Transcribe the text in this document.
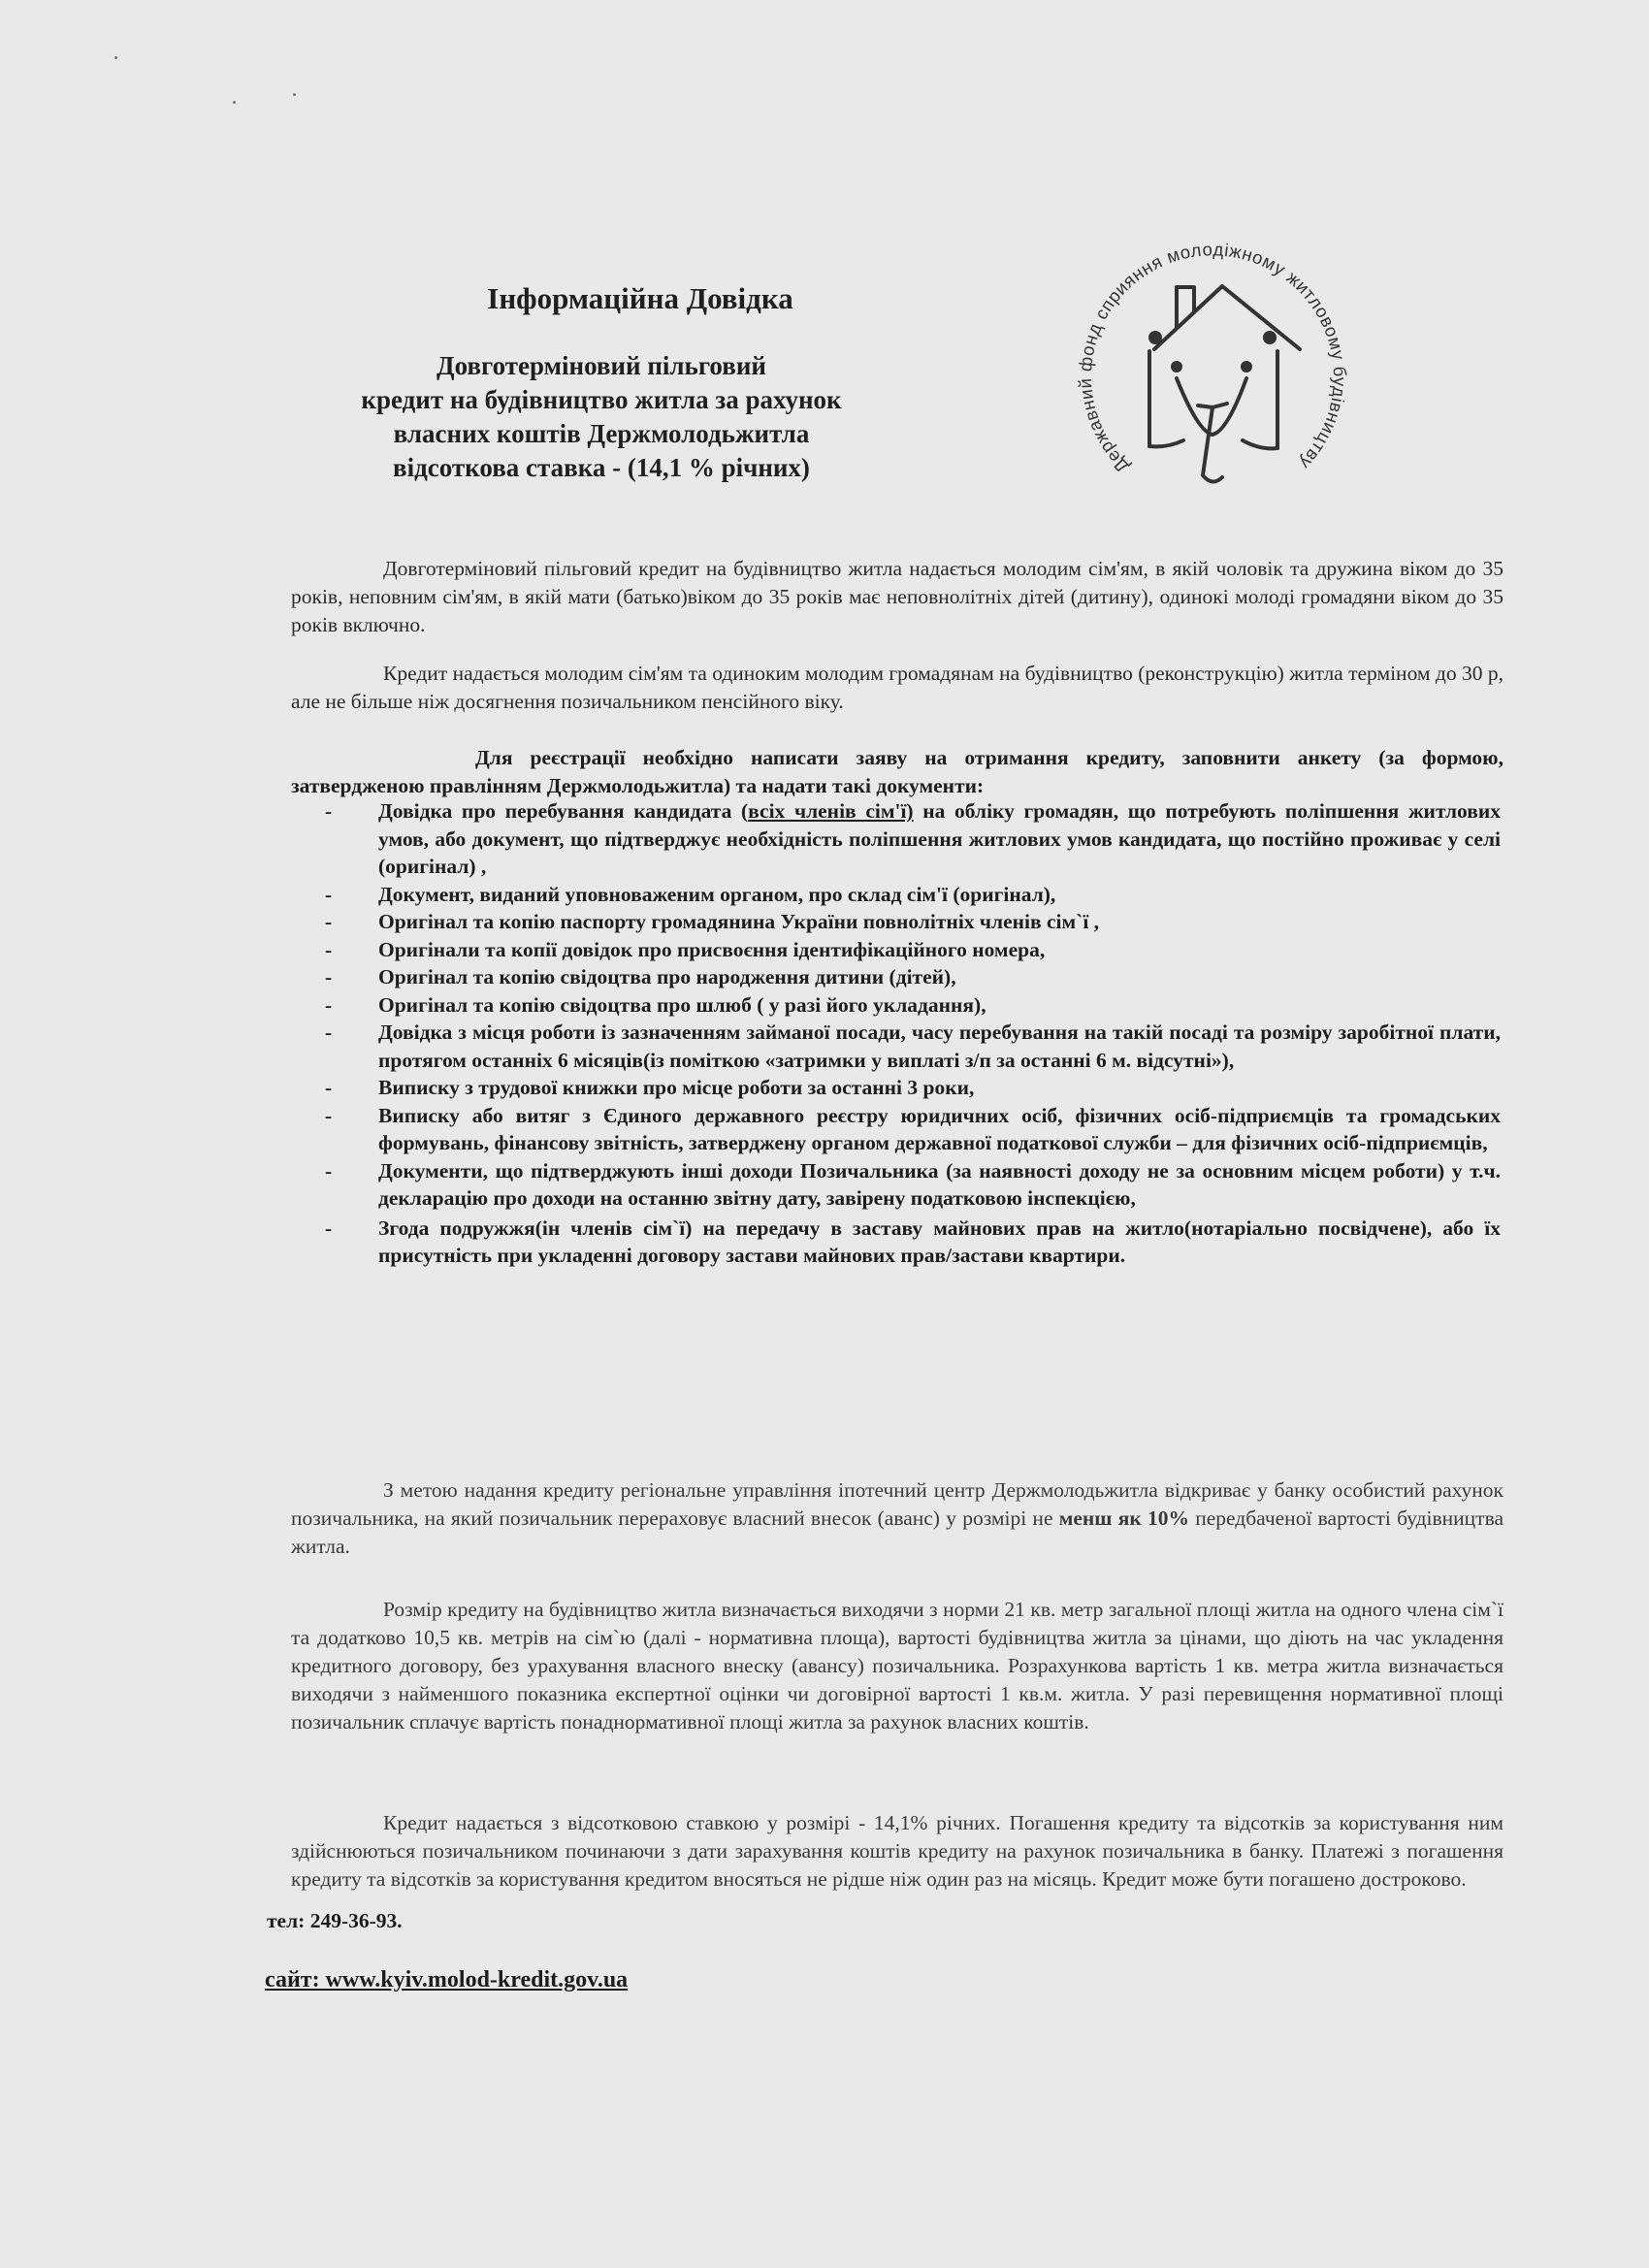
Інформаційна Довідка
Довготерміновий пільговий
кредит на будівництво житла за рахунок
власних коштів Держмолодьжитла
відсоткова ставка - (14,1 % річних)	Державний фонд сприяння молодіжному житловому будівництву

Довготерміновий пільговий кредит на будівництво житла надається молодим сім'ям, в якій чоловік та дружина віком до 35 років, неповним сім'ям, в якій мати (батько)віком до 35 років має неповнолітніх дітей (дитину), одинокі молоді громадяни віком до 35 років включно.

Кредит надається молодим сім'ям та одиноким молодим громадянам на будівництво (реконструкцію) житла терміном до 30 р, але не більше ніж досягнення позичальником пенсійного віку.

Для реєстрації необхідно написати заяву на отримання кредиту, заповнити анкету (за формою, затвердженою правлінням Держмолодьжитла) та надати такі документи:

- Довідка про перебування кандидата (всіх членів сім'ї) на обліку громадян, що потребують поліпшення житлових умов, або документ, що підтверджує необхідність поліпшення житлових умов кандидата, що постійно проживає у селі (оригінал) ,
- Документ, виданий уповноваженим органом, про склад сім'ї (оригінал),
- Оригінал та копію паспорту громадянина України повнолітніх членів сім`ї ,
- Оригінали та копії довідок про присвоєння ідентифікаційного номера,
- Оригінал та копію свідоцтва про народження дитини (дітей),
- Оригінал та копію свідоцтва про шлюб ( у разі його укладання),
- Довідка з місця роботи із зазначенням займаної посади, часу перебування на такій посаді та розміру заробітної плати, протягом останніх 6 місяців(із поміткою «затримки у виплаті з/п за останні 6 м. відсутні»),
- Виписку з трудової книжки про місце роботи за останні 3 роки,
- Виписку або витяг з Єдиного державного реєстру юридичних осіб, фізичних осіб-підприємців та громадських формувань, фінансову звітність, затверджену органом державної податкової служби – для фізичних осіб-підприємців,
- Документи, що підтверджують інші доходи Позичальника (за наявності доходу не за основним місцем роботи) у т.ч. декларацію про доходи на останню звітну дату, завірену податковою інспекцією,
- Згода подружжя(ін членів сім`ї) на передачу в заставу майнових прав на житло(нотаріально посвідчене), або їх присутність при укладенні договору застави майнових прав/застави квартири.

З метою надання кредиту регіональне управління іпотечний центр Держмолодьжитла відкриває у банку особистий рахунок позичальника, на який позичальник перераховує власний внесок (аванс) у розмірі не менш як 10% передбаченої вартості будівництва житла.

Розмір кредиту на будівництво житла визначається виходячи з норми 21 кв. метр загальної площі житла на одного члена сім`ї та додатково 10,5 кв. метрів на сім`ю (далі - нормативна площа), вартості будівництва житла за цінами, що діють на час укладення кредитного договору, без урахування власного внеску (авансу) позичальника. Розрахункова вартість 1 кв. метра житла визначається виходячи з найменшого показника експертної оцінки чи договірної вартості 1 кв.м. житла. У разі перевищення нормативної площі позичальник сплачує вартість понаднормативної площі житла за рахунок власних коштів.

Кредит надається з відсотковою ставкою у розмірі - 14,1% річних. Погашення кредиту та відсотків за користування ним здійснюються позичальником починаючи з дати зарахування коштів кредиту на рахунок позичальника в банку. Платежі з погашення кредиту та відсотків за користування кредитом вносяться не рідше ніж один раз на місяць. Кредит може бути погашено достроково.

тел: 249-36-93.
сайт: www.kyiv.molod-kredit.gov.ua
